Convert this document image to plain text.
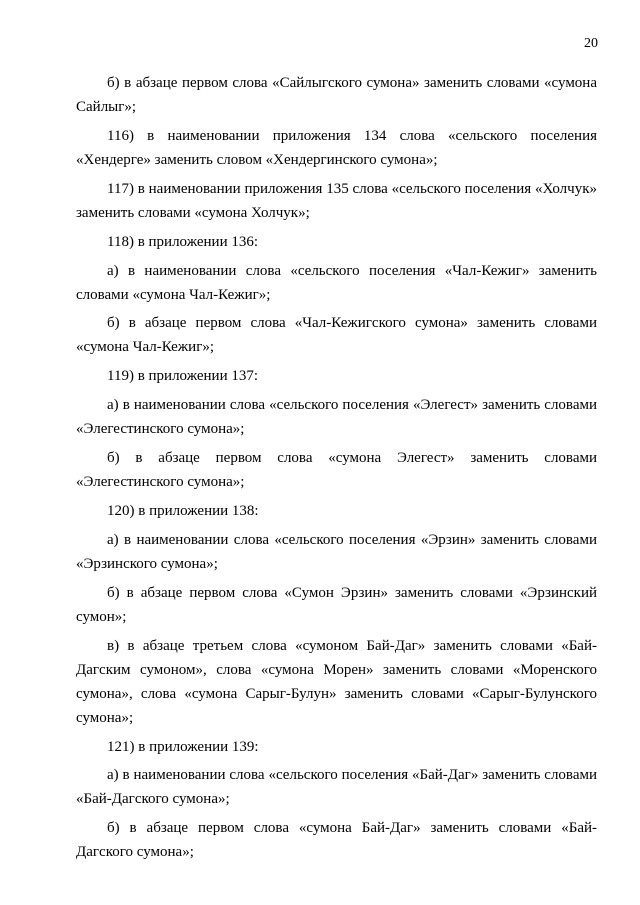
20

б) в абзаце первом слова «Сайлыгского сумона» заменить словами «сумона Сайлыг»;

116) в наименовании приложения 134 слова «сельского поселения «Хендерге» заменить словом «Хендергинского сумона»;

117) в наименовании приложения 135 слова «сельского поселения «Холчук» заменить словами «сумона Холчук»;

118) в приложении 136:

а) в наименовании слова «сельского поселения «Чал-Кежиг» заменить словами «сумона Чал-Кежиг»;

б) в абзаце первом слова «Чал-Кежигского сумона» заменить словами «сумона Чал-Кежиг»;

119) в приложении 137:

а) в наименовании слова «сельского поселения «Элегест» заменить словами «Элегестинского сумона»;

б) в абзаце первом слова «сумона Элегест» заменить словами «Элегестинского сумона»;

120) в приложении 138:

а) в наименовании слова «сельского поселения «Эрзин» заменить словами «Эрзинского сумона»;

б) в абзаце первом слова «Сумон Эрзин» заменить словами «Эрзинский сумон»;

в) в абзаце третьем слова «сумоном Бай-Даг» заменить словами «Бай-Дагским сумоном», слова «сумона Морен» заменить словами «Моренского сумона», слова «сумона Сарыг-Булун» заменить словами «Сарыг-Булунского сумона»;

121) в приложении 139:

а) в наименовании слова «сельского поселения «Бай-Даг» заменить словами «Бай-Дагского сумона»;

б) в абзаце первом слова «сумона Бай-Даг» заменить словами «Бай-Дагского сумона»;
